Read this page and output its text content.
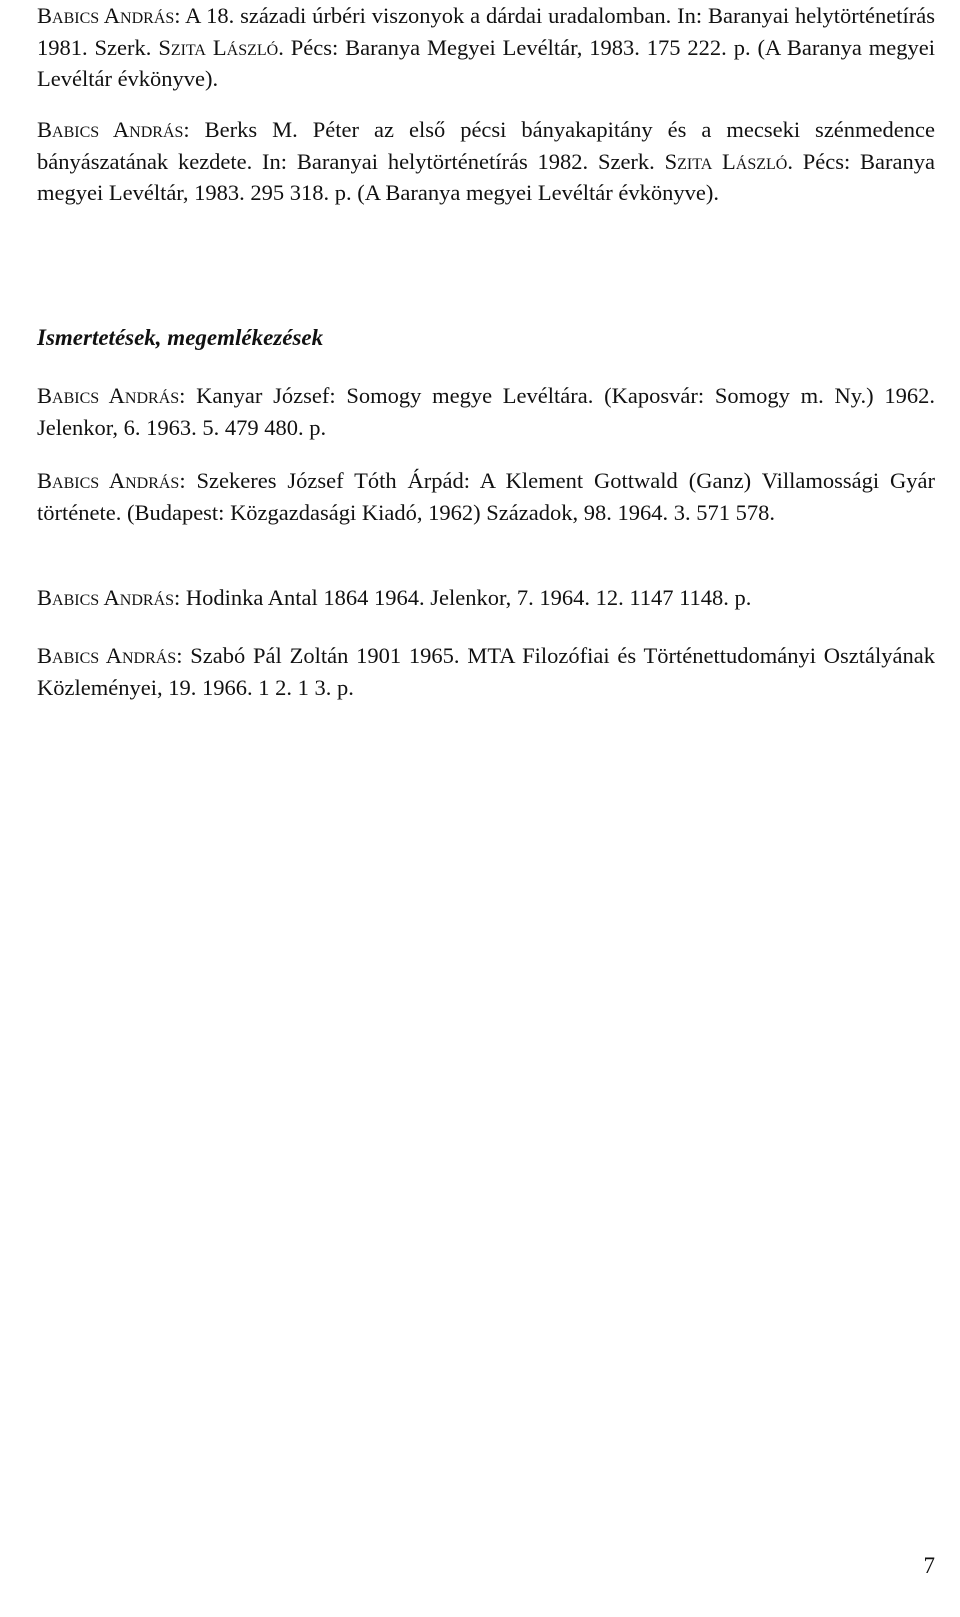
Babics András: A 18. századi úrbéri viszonyok a dárdai uradalomban. In: Baranyai helytörténetírás 1981. Szerk. Szita László. Pécs: Baranya Megyei Levéltár, 1983. 175 222. p. (A Baranya megyei Levéltár évkönyve).

Babics András: Berks M. Péter az első pécsi bányakapitány és a mecseki szénmedence bányászatának kezdete. In: Baranyai helytörténetírás 1982. Szerk. Szita László. Pécs: Baranya megyei Levéltár, 1983. 295 318. p. (A Baranya megyei Levéltár évkönyve).

Ismertetések, megemlékezések

Babics András: Kanyar József: Somogy megye Levéltára. (Kaposvár: Somogy m. Ny.) 1962. Jelenkor, 6. 1963. 5. 479 480. p.

Babics András: Szekeres József Tóth Árpád: A Klement Gottwald (Ganz) Villamossági Gyár története. (Budapest: Közgazdasági Kiadó, 1962) Századok, 98. 1964. 3. 571 578.

Babics András: Hodinka Antal 1864 1964. Jelenkor, 7. 1964. 12. 1147 1148. p.

Babics András: Szabó Pál Zoltán 1901 1965. MTA Filozófiai és Történettudományi Osztályának Közleményei, 19. 1966. 1 2. 1 3. p.

7
